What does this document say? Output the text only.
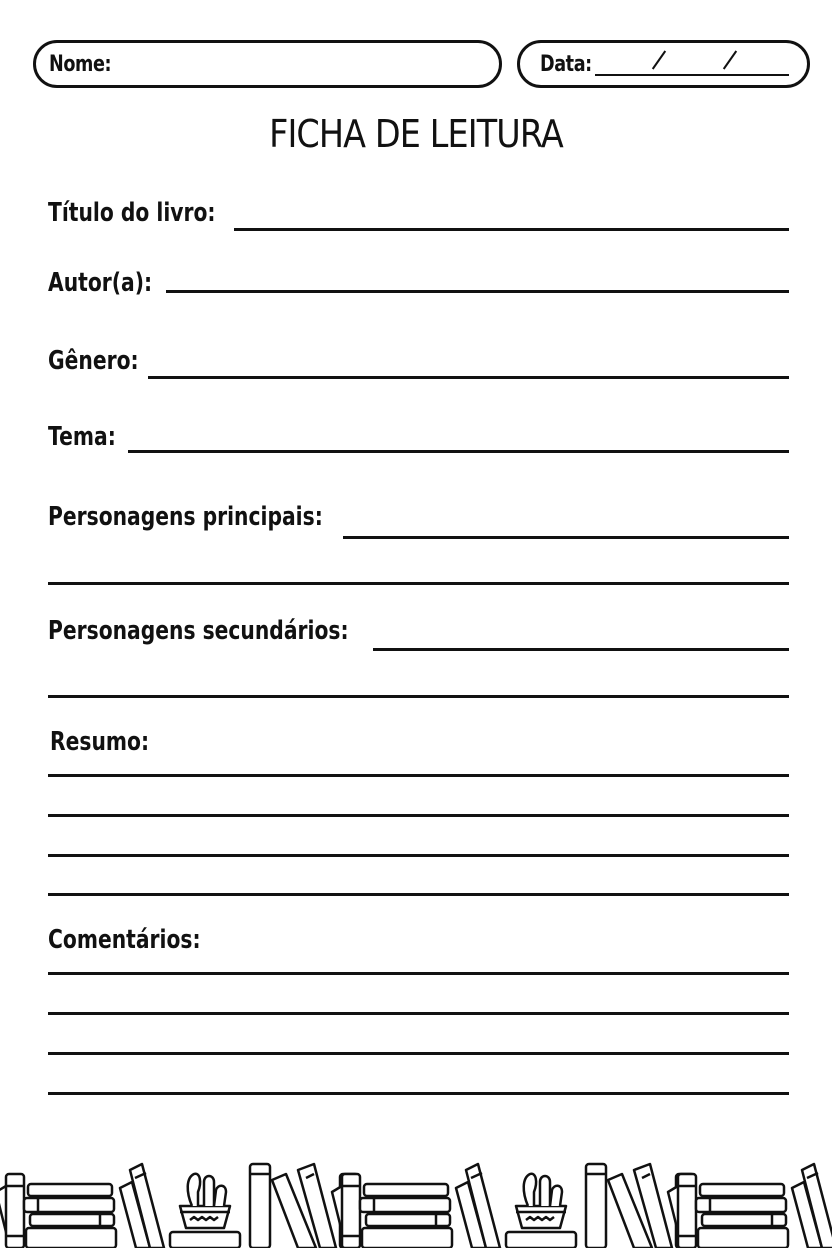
Nome:	Data:
FICHA DE LEITURA
Título do livro:
Autor(a):
Gênero:
Tema:
Personagens principais:
Personagens secundários:
Resumo:
Comentários:
